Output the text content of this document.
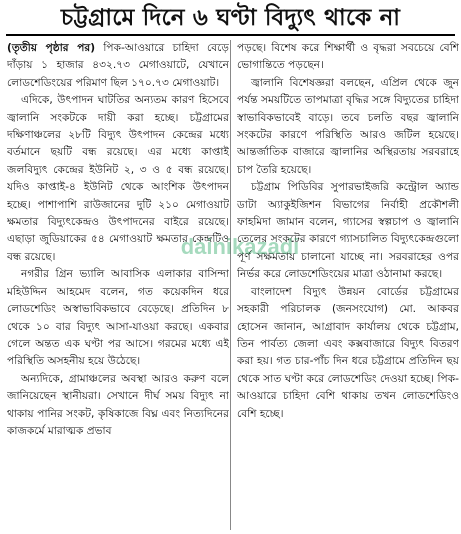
চট্টগ্রামে দিনে ৬ ঘণ্টা বিদ্যুৎ থাকে না

(তৃতীয় পৃষ্ঠার পর) পিক-আওয়ারে চাহিদা বেড়ে দাঁড়ায় ১ হাজার ৪৩২.৭৩ মেগাওয়াটে, যেখানে লোডশেডিংয়ের পরিমাণ ছিল ১৭০.৭৩ মেগাওয়াট।

এদিকে, উৎপাদন ঘাটতির অন্যতম কারণ হিসেবে জ্বালানি সংকটকে দায়ী করা হচ্ছে। চট্টগ্রামের দক্ষিণাঞ্চলের ২৮টি বিদ্যুৎ উৎপাদন কেন্দ্রের মধ্যে বর্তমানে ছয়টি বন্ধ রয়েছে। এর মধ্যে কাপ্তাই জলবিদ্যুৎ কেন্দ্রের ইউনিট ২, ৩ ও ৫ বন্ধ রয়েছে। যদিও কাপ্তাই-৪ ইউনিট থেকে আংশিক উৎপাদন হচ্ছে। পাশাপাশি রাউজানের দুটি ২১০ মেগাওয়াট ক্ষমতার বিদ্যুৎকেন্দ্রও উৎপাদনের বাইরে রয়েছে। এছাড়া জুডিয়াকের ৫৪ মেগাওয়াট ক্ষমতার কেন্দ্রটিও বন্ধ রয়েছে।

নগরীর গ্রিন ভ্যালি আবাসিক এলাকার বাসিন্দা মহিউদ্দিন আহমেদ বলেন, গত কয়েকদিন ধরে লোডশেডিং অস্বাভাবিকভাবে বেড়েছে। প্রতিদিন ৮ থেকে ১০ বার বিদ্যুৎ আসা-যাওয়া করছে। একবার গেলে অন্তত এক ঘণ্টা পর আসে। গরমের মধ্যে এই পরিস্থিতি অসহনীয় হয়ে উঠেছে।

অন্যদিকে, গ্রামাঞ্চলের অবস্থা আরও করুণ বলে জানিয়েছেন স্থানীয়রা। সেখানে দীর্ঘ সময় বিদ্যুৎ না থাকায় পানির সংকট, কৃষিকাজে বিঘ্ন এবং নিত্যদিনের কাজকর্মে মারাত্মক প্রভাব

পড়ছে। বিশেষ করে শিক্ষার্থী ও বৃদ্ধরা সবচেয়ে বেশি ভোগান্তিতে পড়ছেন।

জ্বালানি বিশেষজ্ঞরা বলছেন, এপ্রিল থেকে জুন পর্যন্ত সময়টিতে তাপমাত্রা বৃদ্ধির সঙ্গে বিদ্যুতের চাহিদা স্বাভাবিকভাবেই বাড়ে। তবে চলতি বছর জ্বালানি সংকটের কারণে পরিস্থিতি আরও জটিল হয়েছে। আন্তর্জাতিক বাজারে জ্বালানির অস্থিরতায় সরবরাহে চাপ তৈরি হয়েছে।

চট্টগ্রাম পিডিবির সুপারভাইজরি কন্ট্রোল অ্যান্ড ডাটা অ্যাকুইজিশন বিভাগের নির্বাহী প্রকৌশলী ফাহমিদা জামান বলেন, গ্যাসের স্বল্পচাপ ও জ্বালানি তেলের সংকটের কারণে গ্যাসচালিত বিদ্যুৎকেন্দ্রগুলো পূর্ণ সক্ষমতায় চালানো যাচ্ছে না। সরবরাহের ওপর নির্ভর করে লোডশেডিংয়ের মাত্রা ওঠানামা করছে।

বাংলাদেশ বিদ্যুৎ উন্নয়ন বোর্ডের চট্টগ্রামের সহকারী পরিচালক (জনসংযোগ) মো. আকবর হোসেন জানান, আগ্রাবাদ কার্যালয় থেকে চট্টগ্রাম, তিন পার্বত্য জেলা এবং কক্সবাজারে বিদ্যুৎ বিতরণ করা হয়। গত চার-পাঁচ দিন ধরে চট্টগ্রামে প্রতিদিন ছয় থেকে সাত ঘণ্টা করে লোডশেডিং দেওয়া হচ্ছে। পিক-আওয়ারে চাহিদা বেশি থাকায় তখন লোডশেডিংও বেশি হচ্ছে।

dainikazadi
